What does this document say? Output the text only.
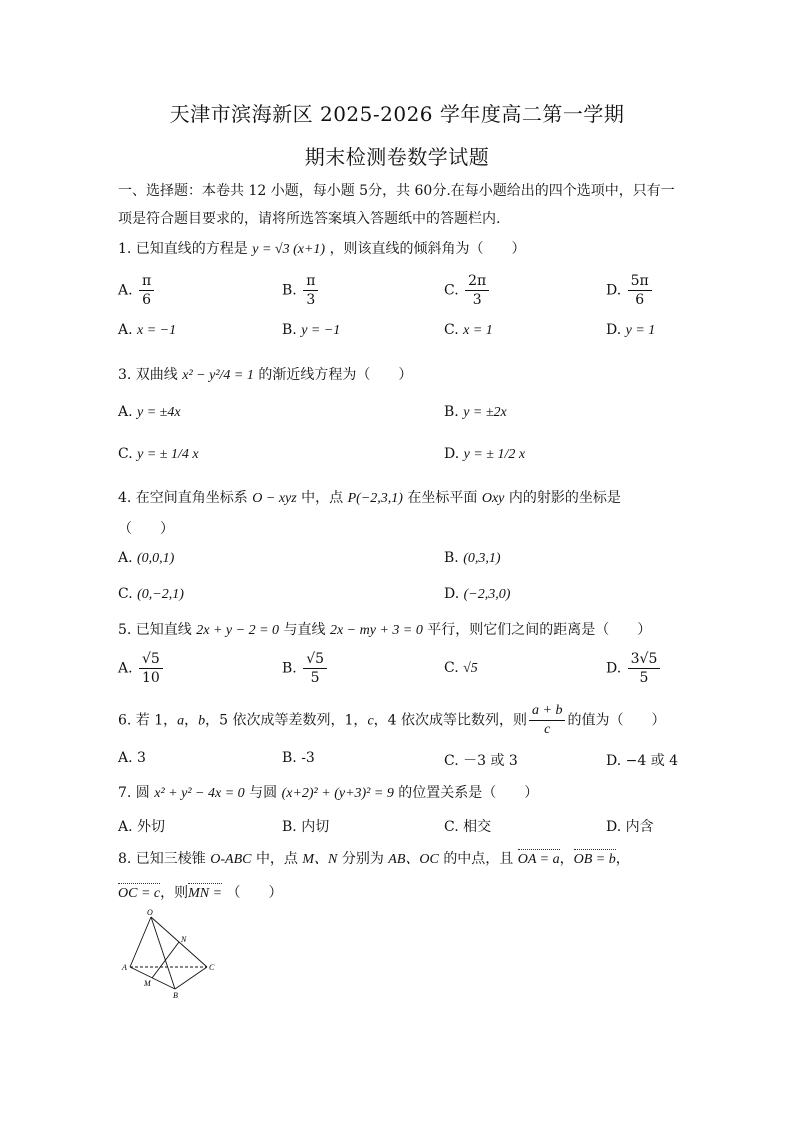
天津市滨海新区 2025-2026 学年度高二第一学期
期末检测卷数学试题
一、选择题：本卷共 12 小题，每小题 5分，共 60分.在每小题给出的四个选项中，只有一
项是符合题目要求的，请将所选答案填入答题纸中的答题栏内.
1. 已知直线的方程是 y = √3 (x+1) ，则该直线的倾斜角为（　　）
A. $\frac{\pi}{6}$	B. $\frac{\pi}{3}$	C. $\frac{2\pi}{3}$	D. $\frac{5\pi}{6}$
A. x = −1	B. y = −1	C. x = 1	D. y = 1
3. 双曲线 x² − y²/4 = 1 的渐近线方程为（　　）
A. y = ±4x	B. y = ±2x
C. y = ± 1/4 x	D. y = ± 1/2 x
4. 在空间直角坐标系 O − xyz 中，点 P(−2,3,1) 在坐标平面 Oxy 内的射影的坐标是
（　　）
A. (0,0,1)	B. (0,3,1)
C. (0,−2,1)	D. (−2,3,0)
5. 已知直线 2x + y − 2 = 0 与直线 2x − my + 3 = 0 平行，则它们之间的距离是（　　）
A. $\frac{√5}{10}$	B. $\frac{√5}{5}$	C. √5	D. $\frac{3√5}{5}$
6. 若 1，a，b，5 依次成等差数列，1，c，4 依次成等比数列，则 $\frac{a + b}{c}$ 的值为（　　）
A. 3	B. -3	C. －3 或 3	D. −4 或 4
7. 圆 x² + y² − 4x = 0 与圆 (x+2)² + (y+3)² = 9 的位置关系是（　　）
A. 外切	B. 内切	C. 相交	D. 内含
8. 已知三棱锥 O-ABC 中，点 M、N 分别为 AB、OC 的中点，且 OA = a，OB = b，
OC = c，则MN = （　　）
O
A
B
C
M
N
